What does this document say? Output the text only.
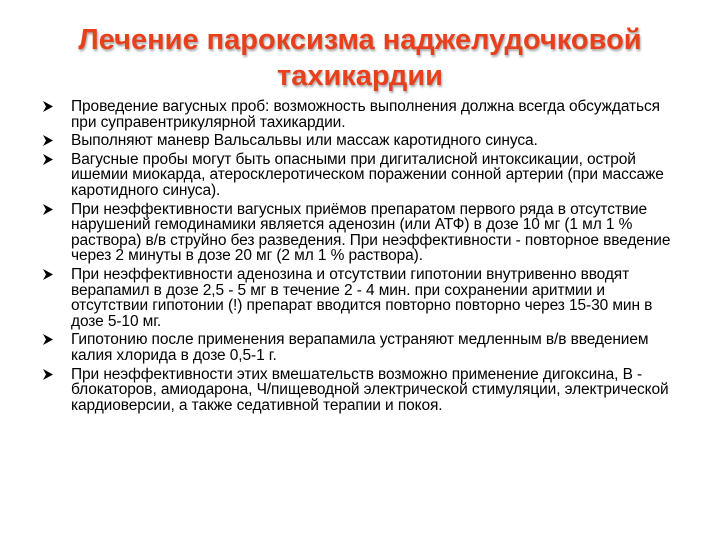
Лечение пароксизма наджелудочковой
тахикардии
Проведение вагусных проб: возможность выполнения должна всегда обсуждаться при суправентрикулярной тахикардии.
Выполняют маневр Вальсальвы или массаж каротидного синуса.
Вагусные пробы могут быть опасными при дигиталисной интоксикации, острой ишемии миокарда, атеросклеротическом поражении сонной артерии (при массаже каротидного синуса).
При неэффективности вагусных приёмов препаратом первого ряда в отсутствие нарушений гемодинамики является аденозин (или АТФ) в дозе 10 мг (1 мл 1 % раствора) в/в струйно без разведения. При неэффективности - повторное введение через 2 минуты в дозе 20 мг (2 мл 1 % раствора).
При неэффективности аденозина и отсутствии гипотонии внутривенно вводят верапамил в дозе 2,5 - 5 мг в течение 2 - 4 мин. при сохранении аритмии и отсутствии гипотонии (!) препарат вводится повторно повторно через 15-30 мин в дозе 5-10 мг.
Гипотонию после применения верапамила устраняют медленным в/в введением калия хлорида в дозе 0,5-1 г.
При неэффективности этих вмешательств возможно применение дигоксина, В - блокаторов, амиодарона, Ч/пищеводной электрической стимуляции, электрической кардиоверсии, а также седативной терапии и покоя.
